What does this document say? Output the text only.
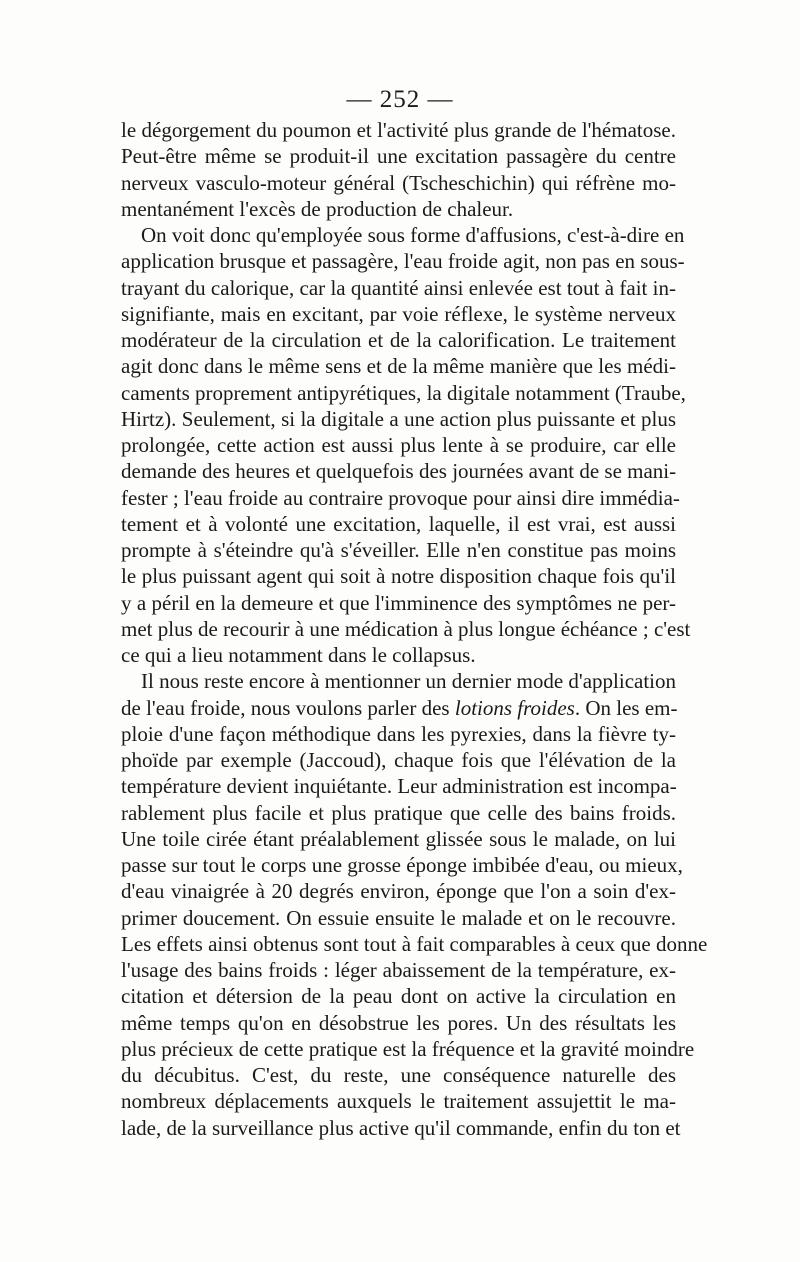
— 252 —
le dégorgement du poumon et l'activité plus grande de l'hématose.
Peut-être même se produit-il une excitation passagère du centre
nerveux vasculo-moteur général (Tscheschichin) qui réfrène mo-
mentanément l'excès de production de chaleur.
On voit donc qu'employée sous forme d'affusions, c'est-à-dire en
application brusque et passagère, l'eau froide agit, non pas en sous-
trayant du calorique, car la quantité ainsi enlevée est tout à fait in-
signifiante, mais en excitant, par voie réflexe, le système nerveux
modérateur de la circulation et de la calorification. Le traitement
agit donc dans le même sens et de la même manière que les médi-
caments proprement antipyrétiques, la digitale notamment (Traube,
Hirtz). Seulement, si la digitale a une action plus puissante et plus
prolongée, cette action est aussi plus lente à se produire, car elle
demande des heures et quelquefois des journées avant de se mani-
fester ; l'eau froide au contraire provoque pour ainsi dire immédia-
tement et à volonté une excitation, laquelle, il est vrai, est aussi
prompte à s'éteindre qu'à s'éveiller. Elle n'en constitue pas moins
le plus puissant agent qui soit à notre disposition chaque fois qu'il
y a péril en la demeure et que l'imminence des symptômes ne per-
met plus de recourir à une médication à plus longue échéance ; c'est
ce qui a lieu notamment dans le collapsus.
Il nous reste encore à mentionner un dernier mode d'application
de l'eau froide, nous voulons parler des lotions froides. On les em-
ploie d'une façon méthodique dans les pyrexies, dans la fièvre ty-
phoïde par exemple (Jaccoud), chaque fois que l'élévation de la
température devient inquiétante. Leur administration est incompa-
rablement plus facile et plus pratique que celle des bains froids.
Une toile cirée étant préalablement glissée sous le malade, on lui
passe sur tout le corps une grosse éponge imbibée d'eau, ou mieux,
d'eau vinaigrée à 20 degrés environ, éponge que l'on a soin d'ex-
primer doucement. On essuie ensuite le malade et on le recouvre.
Les effets ainsi obtenus sont tout à fait comparables à ceux que donne
l'usage des bains froids : léger abaissement de la température, ex-
citation et détersion de la peau dont on active la circulation en
même temps qu'on en désobstrue les pores. Un des résultats les
plus précieux de cette pratique est la fréquence et la gravité moindre
du décubitus. C'est, du reste, une conséquence naturelle des
nombreux déplacements auxquels le traitement assujettit le ma-
lade, de la surveillance plus active qu'il commande, enfin du ton et
